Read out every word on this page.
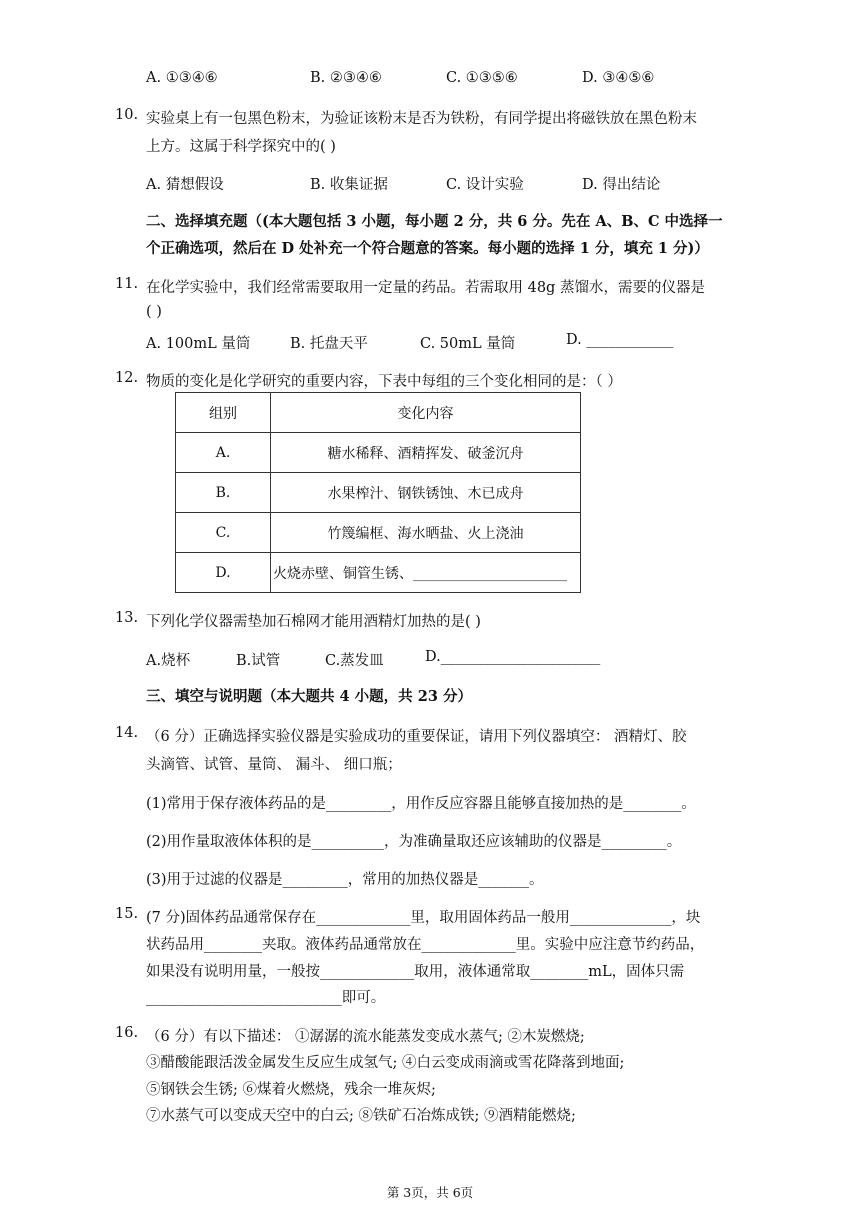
A. ①③④⑥	B. ②③④⑥	C. ①③⑤⑥	D. ③④⑤⑥
10. 实验桌上有一包黑色粉末，为验证该粉末是否为铁粉，有同学提出将磁铁放在黑色粉末
上方。这属于科学探究中的( )
A. 猜想假设	B. 收集证据	C. 设计实验	D. 得出结论
二、选择填充题（(本大题包括 3 小题，每小题 2 分，共 6 分。先在 A、B、C 中选择一
个正确选项，然后在 D 处补充一个符合题意的答案。每小题的选择 1 分，填充 1 分)）
11. 在化学实验中，我们经常需要取用一定量的药品。若需取用 48g 蒸馏水，需要的仪器是
( )
A. 100mL 量筒	B. 托盘天平	C. 50mL 量筒	D. ____________
12. 物质的变化是化学研究的重要内容，下表中每组的三个变化相同的是：（ ）
组别	变化内容
A.	糖水稀释、酒精挥发、破釜沉舟
B.	水果榨汁、钢铁锈蚀、木已成舟
C.	竹篾编框、海水晒盐、火上浇油
D.	火烧赤壁、铜管生锈、______________________
13. 下列化学仪器需垫加石棉网才能用酒精灯加热的是( )
A.烧杯	B.试管	C.蒸发皿	D.______________________
三、填空与说明题（本大题共 4 小题，共 23 分）
14. （6 分）正确选择实验仪器是实验成功的重要保证，请用下列仪器填空： 酒精灯、胶
头滴管、试管、量筒、 漏斗、 细口瓶；
(1)常用于保存液体药品的是_________，用作反应容器且能够直接加热的是________。
(2)用作量取液体体积的是__________，为准确量取还应该辅助的仪器是_________。
(3)用于过滤的仪器是_________，常用的加热仪器是_______。
15. (7 分)固体药品通常保存在_____________里，取用固体药品一般用______________，块
状药品用________夹取。液体药品通常放在_____________里。实验中应注意节约药品，
如果没有说明用量，一般按_____________取用，液体通常取________mL，固体只需
___________________________即可。
16. （6 分）有以下描述： ①潺潺的流水能蒸发变成水蒸气; ②木炭燃烧;
③醋酸能跟活泼金属发生反应生成氢气; ④白云变成雨滴或雪花降落到地面;
⑤钢铁会生锈; ⑥煤着火燃烧，残余一堆灰烬;
⑦水蒸气可以变成天空中的白云; ⑧铁矿石冶炼成铁; ⑨酒精能燃烧;
第 3页，共 6页
